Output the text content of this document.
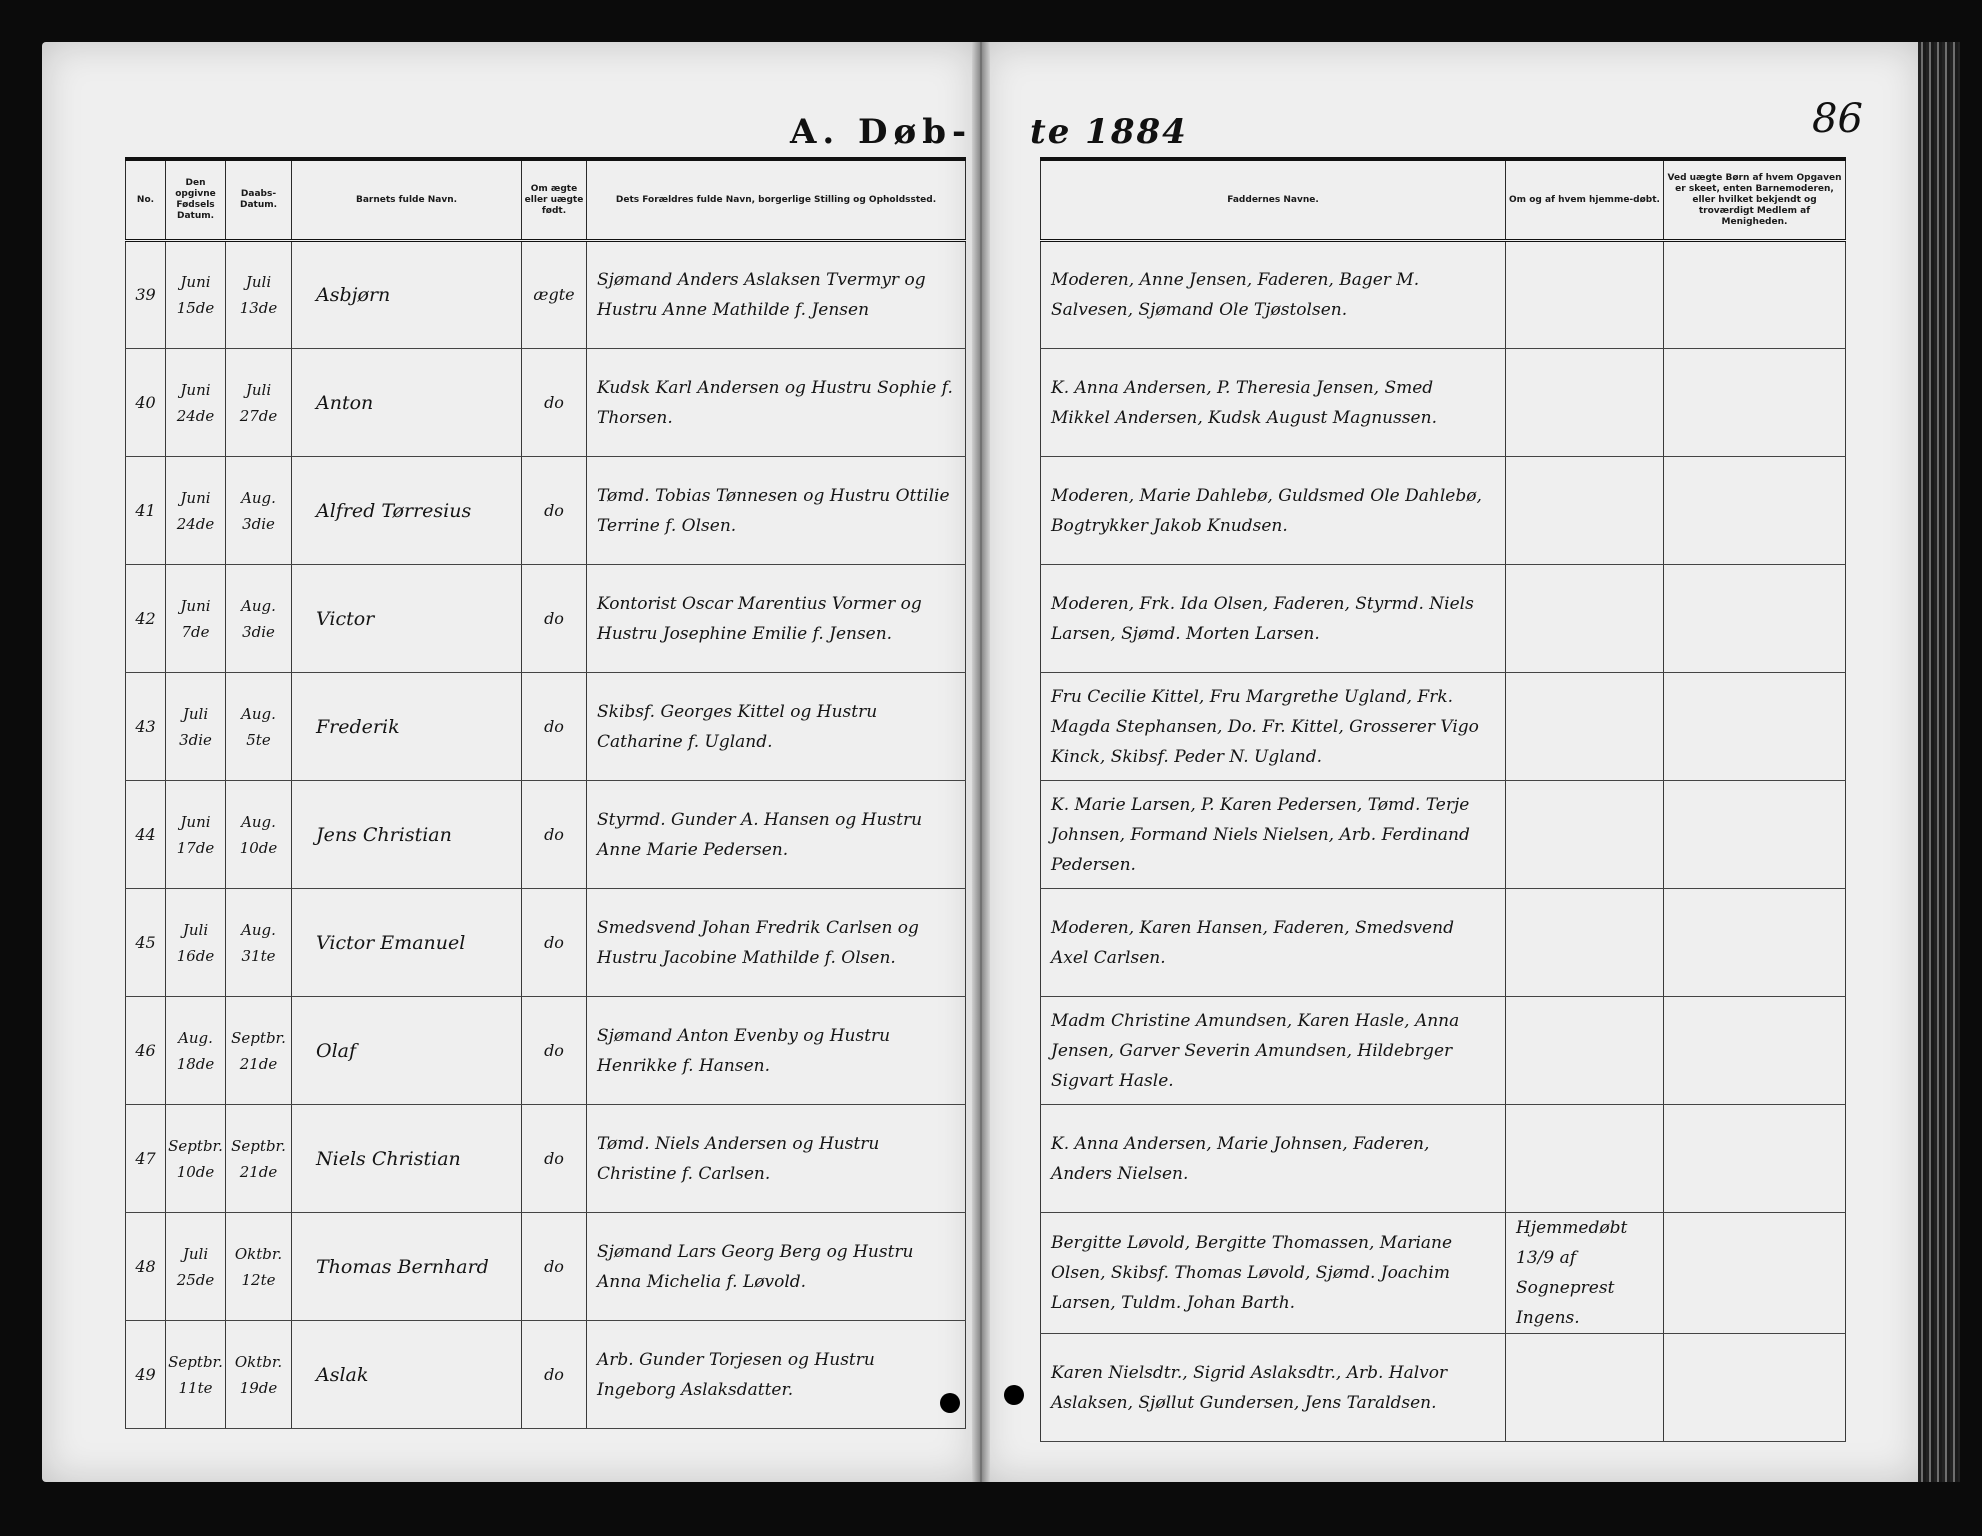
A. Døb- te 1884	86
No.	Den opgivne Fødsels Datum.	Daabs-Datum.	Barnets fulde Navn.	Om ægte eller uægte født.	Dets Forældres fulde Navn, borgerlige Stilling og Opholdssted.
39	Juni 15de	Juli 13de	Asbjørn	ægte	Sjømand Anders Aslaksen Tvermyr og Hustru Anne Mathilde f. Jensen
40	Juni 24de	Juli 27de	Anton	do	Kudsk Karl Andersen og Hustru Sophie f. Thorsen.
41	Juni 24de	Aug. 3die	Alfred Tørresius	do	Tømd. Tobias Tønnesen og Hustru Ottilie Terrine f. Olsen.
42	Juni 7de	Aug. 3die	Victor	do	Kontorist Oscar Marentius Vormer og Hustru Josephine Emilie f. Jensen.
43	Juli 3die	Aug. 5te	Frederik	do	Skibsf. Georges Kittel og Hustru Catharine f. Ugland.
44	Juni 17de	Aug. 10de	Jens Christian	do	Styrmd. Gunder A. Hansen og Hustru Anne Marie Pedersen.
45	Juli 16de	Aug. 31te	Victor Emanuel	do	Smedsvend Johan Fredrik Carlsen og Hustru Jacobine Mathilde f. Olsen.
46	Aug. 18de	Septbr. 21de	Olaf	do	Sjømand Anton Evenby og Hustru Henrikke f. Hansen.
47	Septbr. 10de	Septbr. 21de	Niels Christian	do	Tømd. Niels Andersen og Hustru Christine f. Carlsen.
48	Juli 25de	Oktbr. 12te	Thomas Bernhard	do	Sjømand Lars Georg Berg og Hustru Anna Michelia f. Løvold.
49	Septbr. 11te	Oktbr. 19de	Aslak	do	Arb. Gunder Torjesen og Hustru Ingeborg Aslaksdatter.
Faddernes Navne.	Om og af hvem hjemme-døbt.	Ved uægte Børn af hvem Opgaven er skeet, enten Barnemoderen, eller hvilket bekjendt og troværdigt Medlem af Menigheden.
Moderen, Anne Jensen, Faderen, Bager M. Salvesen, Sjømand Ole Tjøstolsen.		
K. Anna Andersen, P. Theresia Jensen, Smed Mikkel Andersen, Kudsk August Magnussen.		
Moderen, Marie Dahlebø, Guldsmed Ole Dahlebø, Bogtrykker Jakob Knudsen.		
Moderen, Frk. Ida Olsen, Faderen, Styrmd. Niels Larsen, Sjømd. Morten Larsen.		
Fru Cecilie Kittel, Fru Margrethe Ugland, Frk. Magda Stephansen, Do. Fr. Kittel, Grosserer Vigo Kinck, Skibsf. Peder N. Ugland.		
K. Marie Larsen, P. Karen Pedersen, Tømd. Terje Johnsen, Formand Niels Nielsen, Arb. Ferdinand Pedersen.		
Moderen, Karen Hansen, Faderen, Smedsvend Axel Carlsen.		
Madm Christine Amundsen, Karen Hasle, Anna Jensen, Garver Severin Amundsen, Hildebrger Sigvart Hasle.		
K. Anna Andersen, Marie Johnsen, Faderen, Anders Nielsen.		
Bergitte Løvold, Bergitte Thomassen, Mariane Olsen, Skibsf. Thomas Løvold, Sjømd. Joachim Larsen, Tuldm. Johan Barth.	Hjemmedøbt 13/9 af Sogneprest Ingens.	
Karen Nielsdtr., Sigrid Aslaksdtr., Arb. Halvor Aslaksen, Sjøllut Gundersen, Jens Taraldsen.		
